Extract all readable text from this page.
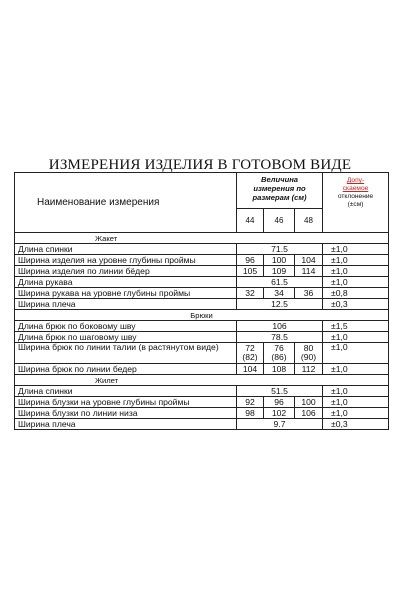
ИЗМЕРЕНИЯ ИЗДЕЛИЯ В ГОТОВОМ ВИДЕ
Наименование измерения	Величина измерения по размерам (см)			Допу-
скаемое
отклонение
(±см)
	44	46	48	
Жакет				
Длина спинки	71.5			±1,0
Ширина изделия на уровне глубины проймы	96	100	104	±1,0
Ширина изделия по линии бёдер	105	109	114	±1,0
Длина рукава	61.5			±1,0
Ширина рукава на уровне глубины проймы	32	34	36	±0,8
Ширина плеча	12.5			±0,3
Брюки				
Длина брюк по боковому шву	106			±1,5
Длина брюк по шаговому шву	78.5			±1,0
Ширина брюк по линии талии (в растянутом виде)	72
(82)	76
(86)	80
(90)	±1,0
Ширина брюк по линии бедер	104	108	112	±1,0
Жилет				
Длина спинки	51.5			±1,0
Ширина блузки на уровне глубины проймы	92	96	100	±1,0
Ширина блузки по линии низа	98	102	106	±1,0
Ширина плеча	9.7			±0,3
